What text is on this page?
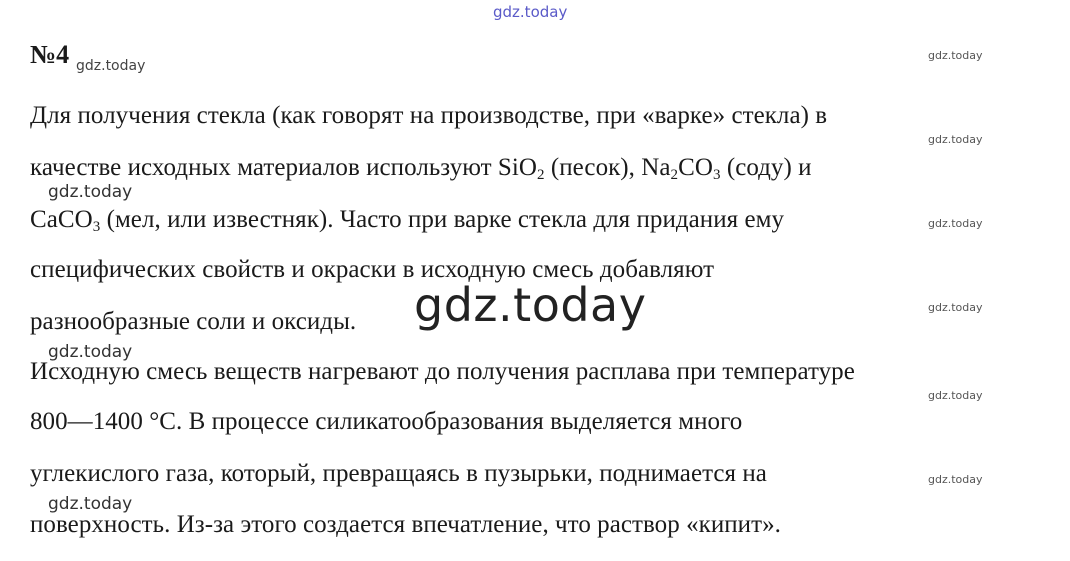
gdz.today
№4 gdz.today
gdz.today
gdz.today
gdz.today
gdz.today
gdz.today
gdz.today
gdz.today
gdz.today
gdz.today
Для получения стекла (как говорят на производстве, при «варке» стекла) в
качестве исходных материалов используют SiO$_2$ (песок), $Na_2CO_3$ (соду) и
CaCO$_3$ (мел, или известняк). Часто при варке стекла для придания ему
специфических свойств и окраски в исходную смесь добавляют
разнообразные соли и оксиды.
Исходную смесь веществ нагревают до получения расплава при температуре
800—1400 °С. В процессе силикатообразования выделяется много
углекислого газа, который, превращаясь в пузырьки, поднимается на
поверхность. Из-за этого создается впечатление, что раствор «кипит».
gdz.today
